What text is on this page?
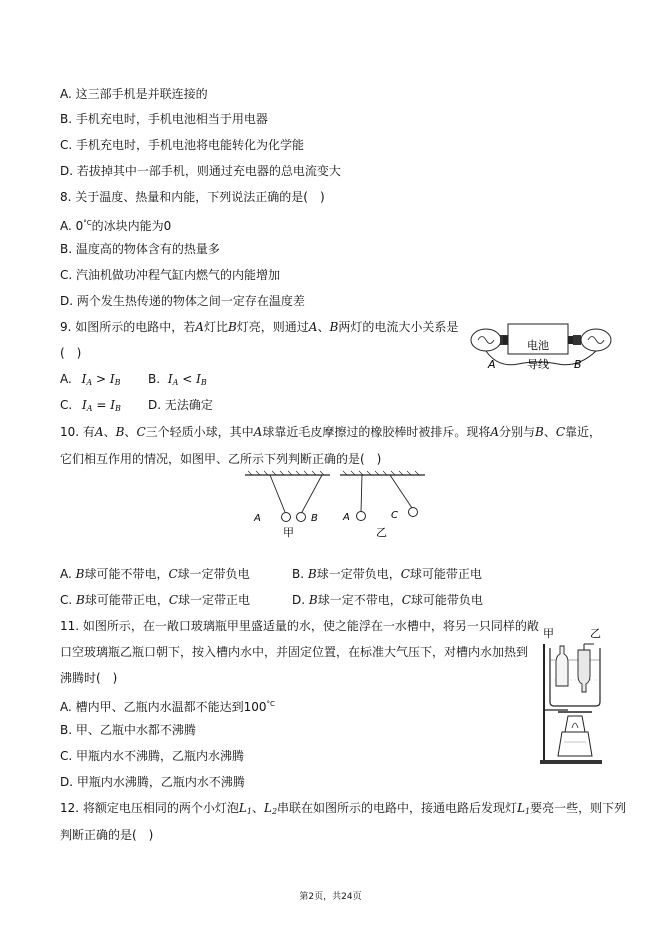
A. 这三部手机是并联连接的
B. 手机充电时，手机电池相当于用电器
C. 手机充电时，手机电池将电能转化为化学能
D. 若拔掉其中一部手机，则通过充电器的总电流变大
8. 关于温度、热量和内能，下列说法正确的是(　)
A. $0^{^\circ C}$的冰块内能为0
B. 温度高的物体含有的热量多
C. 汽油机做功冲程气缸内燃气的内能增加
D. 两个发生热传递的物体之间一定存在温度差
9. 如图所示的电路中，若A灯比B灯亮，则通过A、B两灯的电流大小关系是
(　)
A. $I_A > I_B$ B. $I_A < I_B$
C. $I_A = I_B$ D. 无法确定
电池
导线
A	B
10. 有A、B、C三个轻质小球，其中A球靠近毛皮摩擦过的橡胶棒时被排斥。现将A分别与B、C靠近，
它们相互作用的情况，如图甲、乙所示下列判断正确的是(　)
A	B
甲
A	C
乙
A. B球可能不带电，C球一定带负电	B. B球一定带负电，C球可能带正电
C. B球可能带正电，C球一定带正电	D. B球一定不带电，C球可能带负电
11. 如图所示，在一敞口玻璃瓶甲里盛适量的水，使之能浮在一水槽中，将另一只同样的敞
口空玻璃瓶乙瓶口朝下，按入槽内水中，并固定位置，在标准大气压下，对槽内水加热到
沸腾时(　)
A. 槽内甲、乙瓶内水温都不能达到$100^{^\circ C}$
B. 甲、乙瓶中水都不沸腾
C. 甲瓶内水不沸腾，乙瓶内水沸腾
D. 甲瓶内水沸腾，乙瓶内水不沸腾
甲	乙
12. 将额定电压相同的两个小灯泡$L_1$、$L_2$串联在如图所示的电路中，接通电路后发现灯$L_1$要亮一些，则下列
判断正确的是(　)
第2页，共24页
